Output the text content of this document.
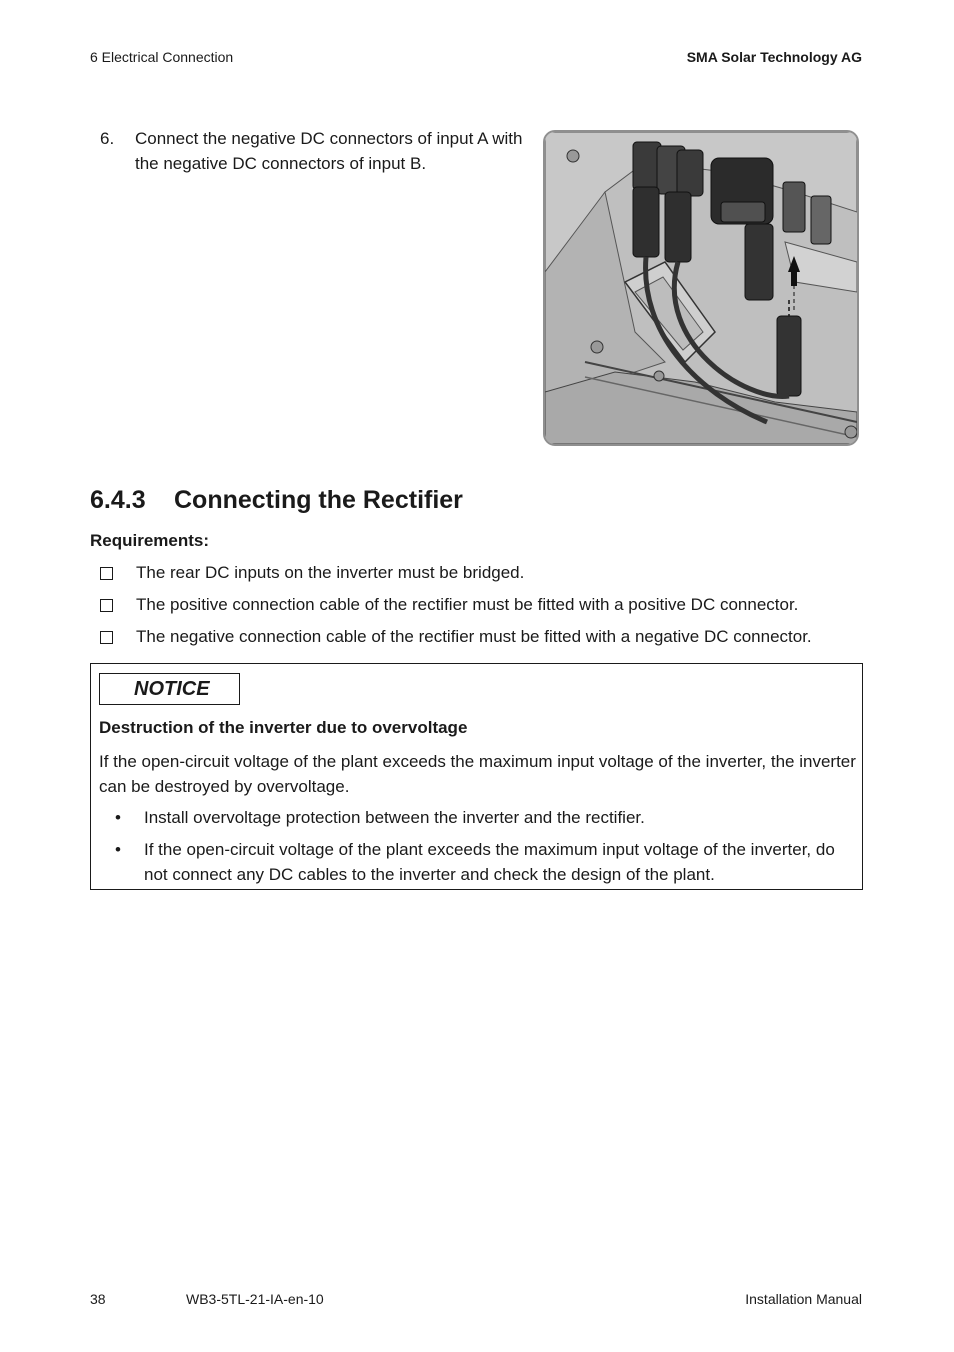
6 Electrical Connection	SMA Solar Technology AG
6.	Connect the negative DC connectors of input A with the negative DC connectors of input B.
6.4.3	Connecting the Rectifier
Requirements:
The rear DC inputs on the inverter must be bridged.
The positive connection cable of the rectifier must be fitted with a positive DC connector.
The negative connection cable of the rectifier must be fitted with a negative DC connector.
NOTICE
Destruction of the inverter due to overvoltage
If the open-circuit voltage of the plant exceeds the maximum input voltage of the inverter, the inverter can be destroyed by overvoltage.
•	Install overvoltage protection between the inverter and the rectifier.
•	If the open-circuit voltage of the plant exceeds the maximum input voltage of the inverter, do not connect any DC cables to the inverter and check the design of the plant.
38	WB3-5TL-21-IA-en-10	Installation Manual
